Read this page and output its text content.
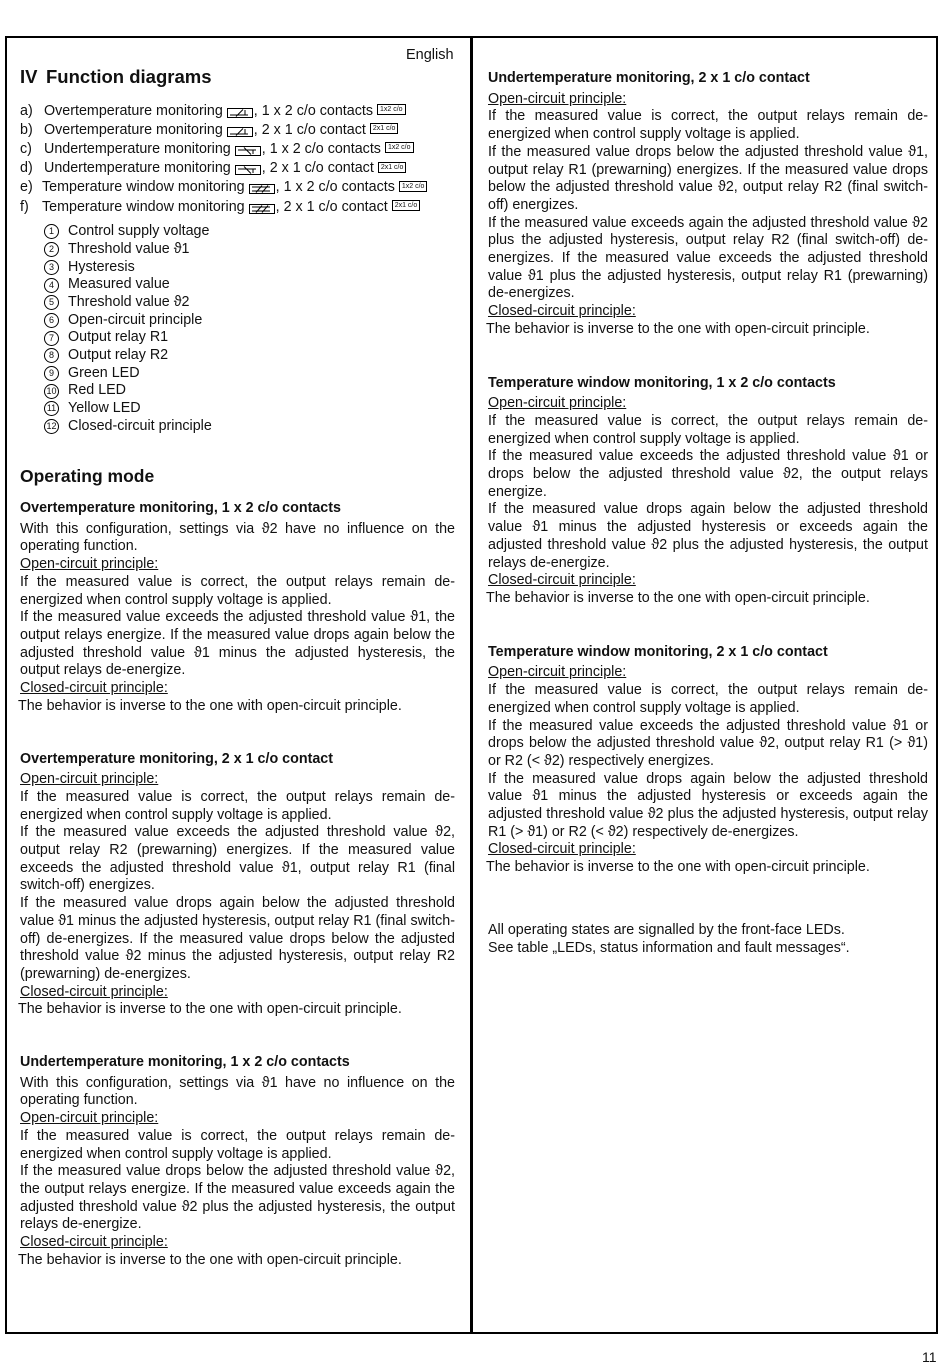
English
IV Function diagrams
a) Overtemperature monitoring , 1 x 2 c/o contacts	1x2 c/o
b) Overtemperature monitoring , 2 x 1 c/o contact	2x1 c/o
c) Undertemperature monitoring , 1 x 2 c/o contacts	1x2 c/o
d) Undertemperature monitoring , 2 x 1 c/o contact	2x1 c/o
e) Temperature window monitoring , 1 x 2 c/o contacts	1x2 c/o
f) Temperature window monitoring , 2 x 1 c/o contact	2x1 c/o
1 Control supply voltage
2 Threshold value ϑ1
3 Hysteresis
4 Measured value
5 Threshold value ϑ2
6 Open-circuit principle
7 Output relay R1
8 Output relay R2
9 Green LED
10 Red LED
11 Yellow LED
12 Closed-circuit principle
Operating mode
Overtemperature monitoring, 1 x 2 c/o contacts

With this configuration, settings via ϑ2 have no influence on the operating function.

Open-circuit principle:

If the measured value is correct, the output relays remain de-energized when control supply voltage is applied.

If the measured value exceeds the adjusted threshold value ϑ1, the output relays energize. If the measured value drops again below the adjusted threshold value ϑ1 minus the adjusted hysteresis, the output relays de-energize.

Closed-circuit principle:

The behavior is inverse to the one with open-circuit principle.

Overtemperature monitoring, 2 x 1 c/o contact

Open-circuit principle:

If the measured value is correct, the output relays remain de-energized when control supply voltage is applied.

If the measured value exceeds the adjusted threshold value ϑ2, output relay R2 (prewarning) energizes. If the measured value exceeds the adjusted threshold value ϑ1, output relay R1 (final switch-off) energizes.

If the measured value drops again below the adjusted threshold value ϑ1 minus the adjusted hysteresis, output relay R1 (final switch-off) de-energizes. If the measured value drops below the adjusted threshold value ϑ2 minus the adjusted hysteresis, output relay R2 (prewarning) de-energizes.

Closed-circuit principle:

The behavior is inverse to the one with open-circuit principle.

Undertemperature monitoring, 1 x 2 c/o contacts

With this configuration, settings via ϑ1 have no influence on the operating function.

Open-circuit principle:

If the measured value is correct, the output relays remain de-energized when control supply voltage is applied.

If the measured value drops below the adjusted threshold value ϑ2, the output relays energize. If the measured value exceeds again the adjusted threshold value ϑ2 plus the adjusted hysteresis, the output relays de-energize.

Closed-circuit principle:

The behavior is inverse to the one with open-circuit principle.

Undertemperature monitoring, 2 x 1 c/o contact

Open-circuit principle:

If the measured value is correct, the output relays remain de-energized when control supply voltage is applied.

If the measured value drops below the adjusted threshold value ϑ1, output relay R1 (prewarning) energizes. If the measured value drops below the adjusted threshold value ϑ2, output relay R2 (final switch-off) energizes.

If the measured value exceeds again the adjusted threshold value ϑ2 plus the adjusted hysteresis, output relay R2 (final switch-off) de-energizes. If the measured value exceeds the adjusted threshold value ϑ1 plus the adjusted hysteresis, output relay R1 (prewarning) de-energizes.

Closed-circuit principle:

The behavior is inverse to the one with open-circuit principle.

Temperature window monitoring, 1 x 2 c/o contacts

Open-circuit principle:

If the measured value is correct, the output relays remain de-energized when control supply voltage is applied.

If the measured value exceeds the adjusted threshold value ϑ1 or drops below the adjusted threshold value ϑ2, the output relays energize.

If the measured value drops again below the adjusted threshold value ϑ1 minus the adjusted hysteresis or exceeds again the adjusted threshold value ϑ2 plus the adjusted hysteresis, the output relays de-energize.

Closed-circuit principle:

The behavior is inverse to the one with open-circuit principle.

Temperature window monitoring, 2 x 1 c/o contact

Open-circuit principle:

If the measured value is correct, the output relays remain de-energized when control supply voltage is applied.

If the measured value exceeds the adjusted threshold value ϑ1 or drops below the adjusted threshold value ϑ2, output relay R1 (> ϑ1) or R2 (< ϑ2) respectively energizes.

If the measured value drops again below the adjusted threshold value ϑ1 minus the adjusted hysteresis or exceeds again the adjusted threshold value ϑ2 plus the adjusted hysteresis, output relay R1 (> ϑ1) or R2 (< ϑ2) respectively de-energizes.

Closed-circuit principle:

The behavior is inverse to the one with open-circuit principle.

All operating states are signalled by the front-face LEDs.

See table „LEDs, status information and fault messages“.

11
